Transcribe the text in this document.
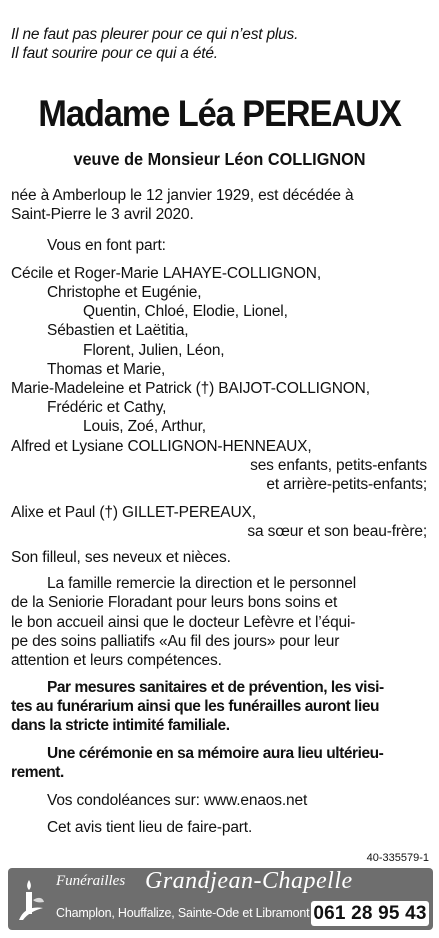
Il ne faut pas pleurer pour ce qui n’est plus.
Il faut sourire pour ce qui a été.
Madame Léa PEREAUX
veuve de Monsieur Léon COLLIGNON
née à Amberloup le 12 janvier 1929, est décédée à
Saint-Pierre le 3 avril 2020.
Vous en font part:
Cécile et Roger-Marie LAHAYE-COLLIGNON,
Christophe et Eugénie,
Quentin, Chloé, Elodie, Lionel,
Sébastien et Laëtitia,
Florent, Julien, Léon,
Thomas et Marie,
Marie-Madeleine et Patrick (†) BAIJOT-COLLIGNON,
Frédéric et Cathy,
Louis, Zoé, Arthur,
Alfred et Lysiane COLLIGNON-HENNEAUX,
ses enfants, petits-enfants
et arrière-petits-enfants;
Alixe et Paul (†) GILLET-PEREAUX,
sa sœur et son beau-frère;
Son filleul, ses neveux et nièces.
La famille remercie la direction et le personnel
de la Seniorie Floradant pour leurs bons soins et
le bon accueil ainsi que le docteur Lefèvre et l’équi-
pe des soins palliatifs «Au fil des jours» pour leur
attention et leurs compétences.
Par mesures sanitaires et de prévention, les visi-
tes au funérarium ainsi que les funérailles auront lieu
dans la stricte intimité familiale.
Une cérémonie en sa mémoire aura lieu ultérieu-
rement.
Vos condoléances sur: www.enaos.net
Cet avis tient lieu de faire-part.
40-335579-1
Funérailles Grandjean-Chapelle
Champlon, Houffalize, Sainte-Ode et Libramont 061 28 95 43
